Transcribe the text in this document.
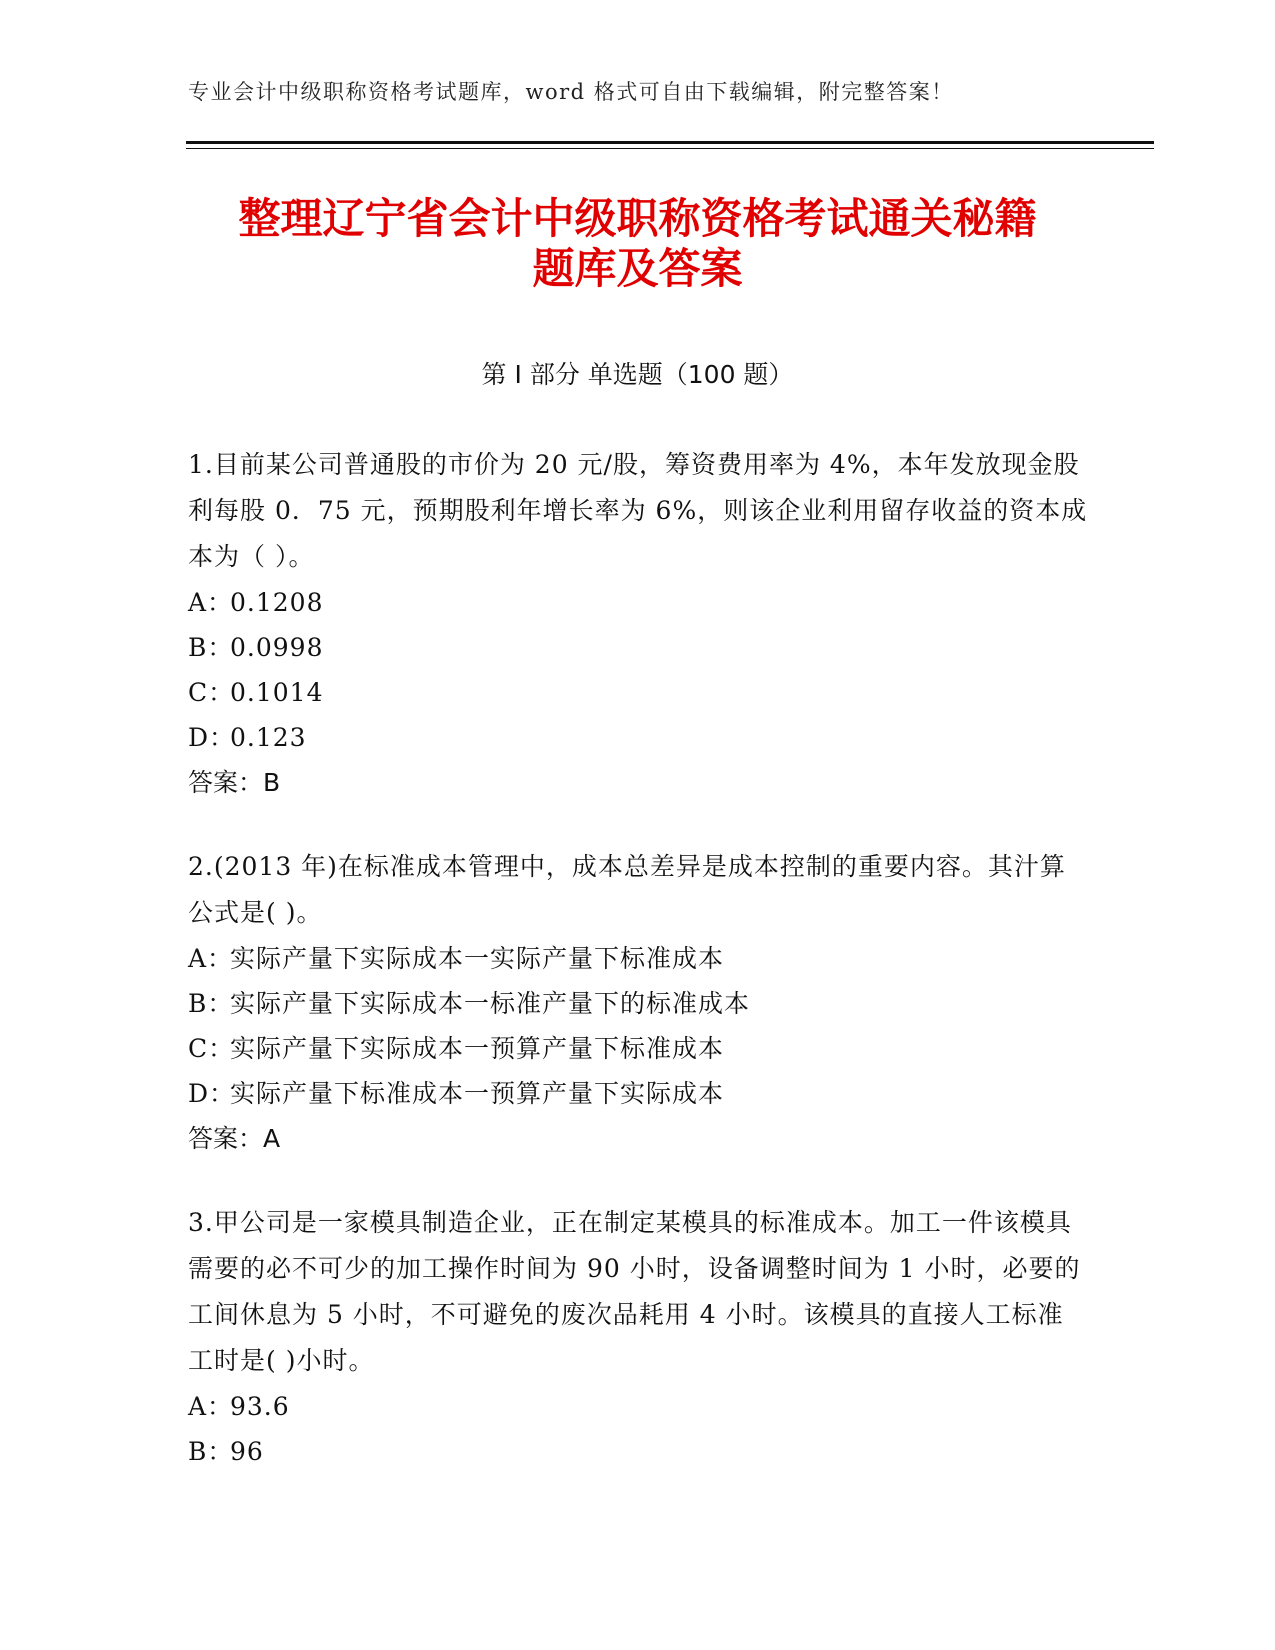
专业会计中级职称资格考试题库，word 格式可自由下载编辑，附完整答案！
整理辽宁省会计中级职称资格考试通关秘籍
题库及答案
第 I 部分 单选题（100 题）

1.目前某公司普通股的市价为 20 元/股，筹资费用率为 4%，本年发放现金股利每股 0．75 元，预期股利年增长率为 6%，则该企业利用留存收益的资本成本为（ ）。

A：0.1208

B：0.0998

C：0.1014

D：0.123

答案：B

2.(2013 年)在标准成本管理中，成本总差异是成本控制的重要内容。其汁算公式是( )。

A：实际产量下实际成本一实际产量下标准成本

B：实际产量下实际成本一标准产量下的标准成本

C：实际产量下实际成本一预算产量下标准成本

D：实际产量下标准成本一预算产量下实际成本

答案：A

3.甲公司是一家模具制造企业，正在制定某模具的标准成本。加工一件该模具需要的必不可少的加工操作时间为 90 小时，设备调整时间为 1 小时，必要的工间休息为 5 小时，不可避免的废次品耗用 4 小时。该模具的直接人工标准工时是( )小时。

A：93.6

B：96
